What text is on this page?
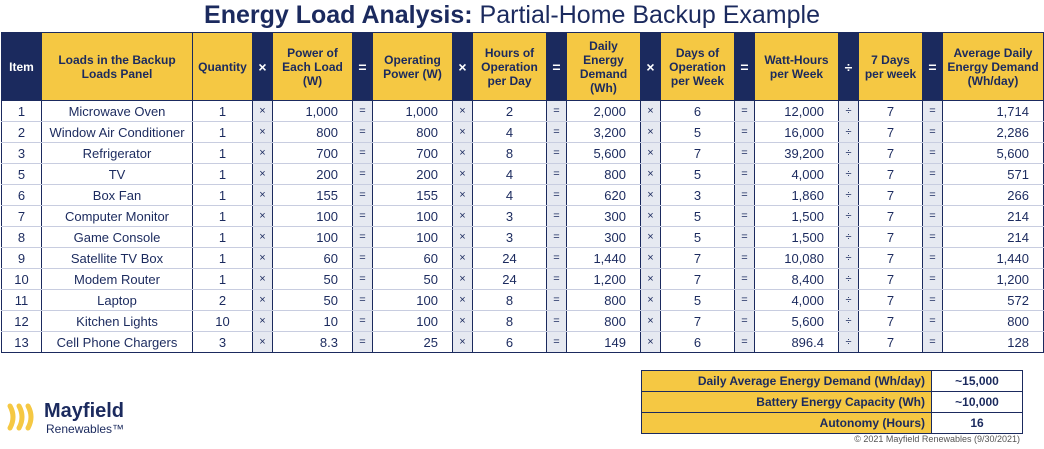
Energy Load Analysis: Partial-Home Backup Example
Item	Loads in the Backup Loads Panel	Quantity	×	Power of Each Load (W)	=	Operating Power (W)	×	Hours of Operation per Day	=	Daily Energy Demand (Wh)	×	Days of Operation per Week	=	Watt-Hours per Week	÷	7 Days per week	=	Average Daily Energy Demand (Wh/day)
1	Microwave Oven	1	×	1,000	=	1,000	×	2	=	2,000	×	6	=	12,000	÷	7	=	1,714
2	Window Air Conditioner	1	×	800	=	800	×	4	=	3,200	×	5	=	16,000	÷	7	=	2,286
3	Refrigerator	1	×	700	=	700	×	8	=	5,600	×	7	=	39,200	÷	7	=	5,600
5	TV	1	×	200	=	200	×	4	=	800	×	5	=	4,000	÷	7	=	571
6	Box Fan	1	×	155	=	155	×	4	=	620	×	3	=	1,860	÷	7	=	266
7	Computer Monitor	1	×	100	=	100	×	3	=	300	×	5	=	1,500	÷	7	=	214
8	Game Console	1	×	100	=	100	×	3	=	300	×	5	=	1,500	÷	7	=	214
9	Satellite TV Box	1	×	60	=	60	×	24	=	1,440	×	7	=	10,080	÷	7	=	1,440
10	Modem Router	1	×	50	=	50	×	24	=	1,200	×	7	=	8,400	÷	7	=	1,200
11	Laptop	2	×	50	=	100	×	8	=	800	×	5	=	4,000	÷	7	=	572
12	Kitchen Lights	10	×	10	=	100	×	8	=	800	×	7	=	5,600	÷	7	=	800
13	Cell Phone Chargers	3	×	8.3	=	25	×	6	=	149	×	6	=	896.4	÷	7	=	128
Daily Average Energy Demand (Wh/day)	~15,000
Battery Energy Capacity (Wh)	~10,000
Autonomy (Hours)	16
Mayfield
Renewables™
© 2021 Mayfield Renewables (9/30/2021)
